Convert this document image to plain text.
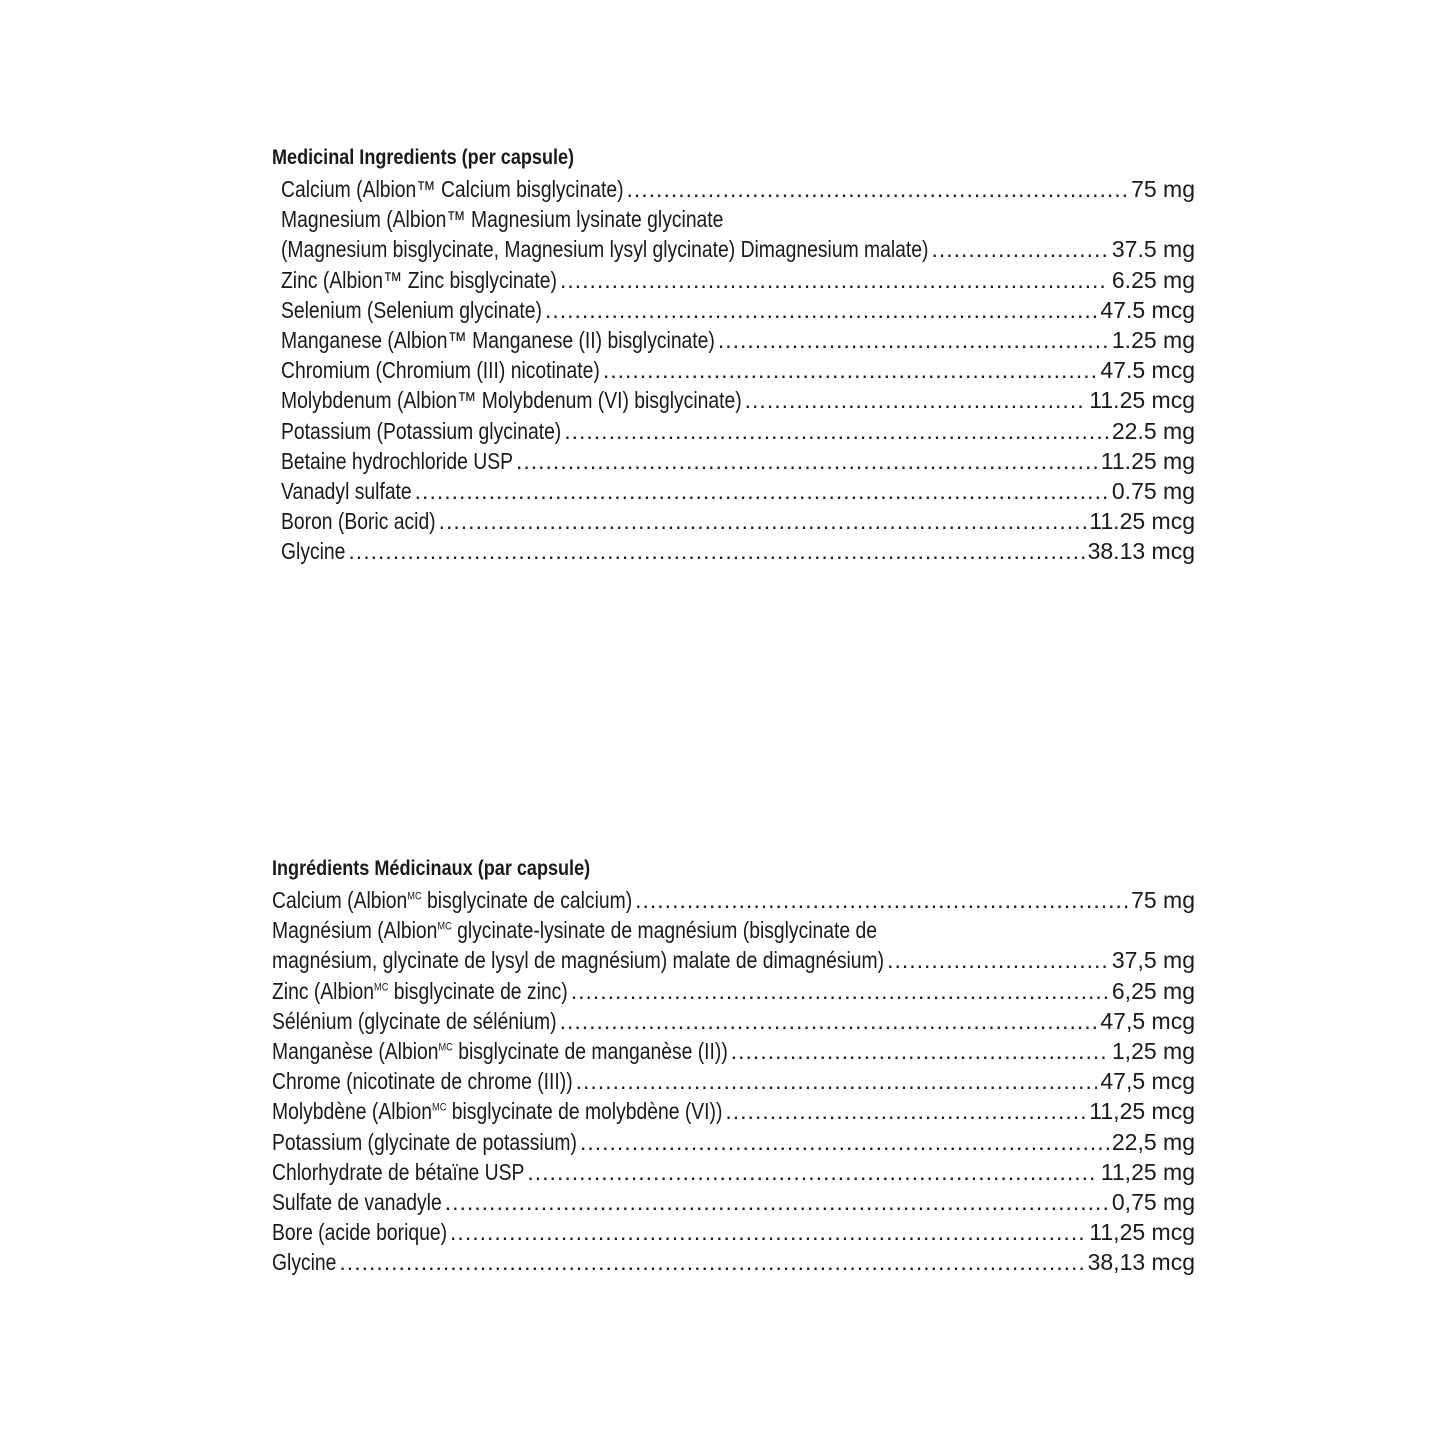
Medicinal Ingredients (per capsule)
Calcium (Albion™ Calcium bisglycinate) .....	75 mg
Magnesium (Albion™ Magnesium lysinate glycinate
(Magnesium bisglycinate, Magnesium lysyl glycinate) Dimagnesium malate) .....	37.5 mg
Zinc (Albion™ Zinc bisglycinate) .....	6.25 mg
Selenium (Selenium glycinate) .....	47.5 mcg
Manganese (Albion™ Manganese (II) bisglycinate) .....	1.25 mg
Chromium (Chromium (III) nicotinate) .....	47.5 mcg
Molybdenum (Albion™ Molybdenum (VI) bisglycinate) .....	11.25 mcg
Potassium (Potassium glycinate) .....	22.5 mg
Betaine hydrochloride USP .....	11.25 mg
Vanadyl sulfate .....	0.75 mg
Boron (Boric acid) .....	11.25 mcg
Glycine .....	38.13 mcg
Ingrédients Médicinaux (par capsule)
Calcium (Albion$^{MC}$ bisglycinate de calcium) .....	75 mg
Magnésium (Albion$^{MC}$ glycinate-lysinate de magnésium (bisglycinate de
magnésium, glycinate de lysyl de magnésium) malate de dimagnésium) .....	37,5 mg
Zinc (Albion$^{MC}$ bisglycinate de zinc) .....	6,25 mg
Sélénium (glycinate de sélénium) .....	47,5 mcg
Manganèse (Albion$^{MC}$ bisglycinate de manganèse (II)) .....	1,25 mg
Chrome (nicotinate de chrome (III)) .....	47,5 mcg
Molybdène (Albion$^{MC}$ bisglycinate de molybdène (VI)) .....	11,25 mcg
Potassium (glycinate de potassium) .....	22,5 mg
Chlorhydrate de bétaïne USP .....	11,25 mg
Sulfate de vanadyle .....	0,75 mg
Bore (acide borique) .....	11,25 mcg
Glycine .....	38,13 mcg
